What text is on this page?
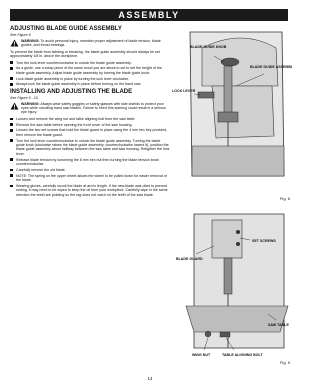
ASSEMBLY
ADJUSTING BLADE GUIDE ASSEMBLY
See Figure 6
WARNING: To avoid personal injury, maintain proper adjustment of blade tension, blade guides, and thrust bearings.

To prevent the blade from twisting or breaking, the blade guide assembly should always be set approximately 1/8 in. above the workpiece.

Turn the lock lever counterclockwise to unlock the blade guide assembly.
As a guide, use a scrap piece of the same wood you are about to cut to set the height of the blade guide assembly. Adjust blade guide assembly by turning the blade guide knob.
Lock blade guide assembly in place by turning the lock lever clockwise.
Always lock the blade guide assembly in place before turning on the band saw.
INSTALLING AND ADJUSTING THE BLADE
See Figure 9 - 10.
WARNING: Always wear safety goggles or safety glasses with side shields to protect your eyes while uncoiling band saw blades. Failure to heed this warning could result in a serious eye injury.
Loosen and remove the wing nut and table aligning bolt from the saw table.
Remove the saw table before opening the front cover of the saw housing.
Loosen the two set screws that hold the blade guard in place using the 4 mm hex key provided, then remove the blade guard.
Turn the lock lever counterclockwise to unlock the blade guide assembly. Turning the blade guide knob (clockwise raises the blade guide assembly; counterclockwise lowers it), position the blade guide assembly about halfway between the saw table and saw housing. Retighten the lock lever.
Release blade tension by loosening the 8 mm hex nut then turning the blade tension knob counterclockwise.
Carefully remove the old blade.
NOTE: The spring on the upper wheel allows the wheel to be pulled down for easier removal of the blade.
Wearing gloves, carefully uncoil the blade at arm's length. If the new blade was oiled to prevent rusting, it may need to be wiped to keep the oil from your workpiece. Carefully wipe in the same direction the teeth are pointing so the rag does not catch on the teeth of the saw blade.
BLADE GUIDE KNOB
BLADE GUIDE ASSEMBLY
LOCK LEVER
Fig. 6
BLADE GUARD
SET SCREWS
SAW TABLE
WING NUT	TABLE ALIGNING BOLT
Fig. 9
14
